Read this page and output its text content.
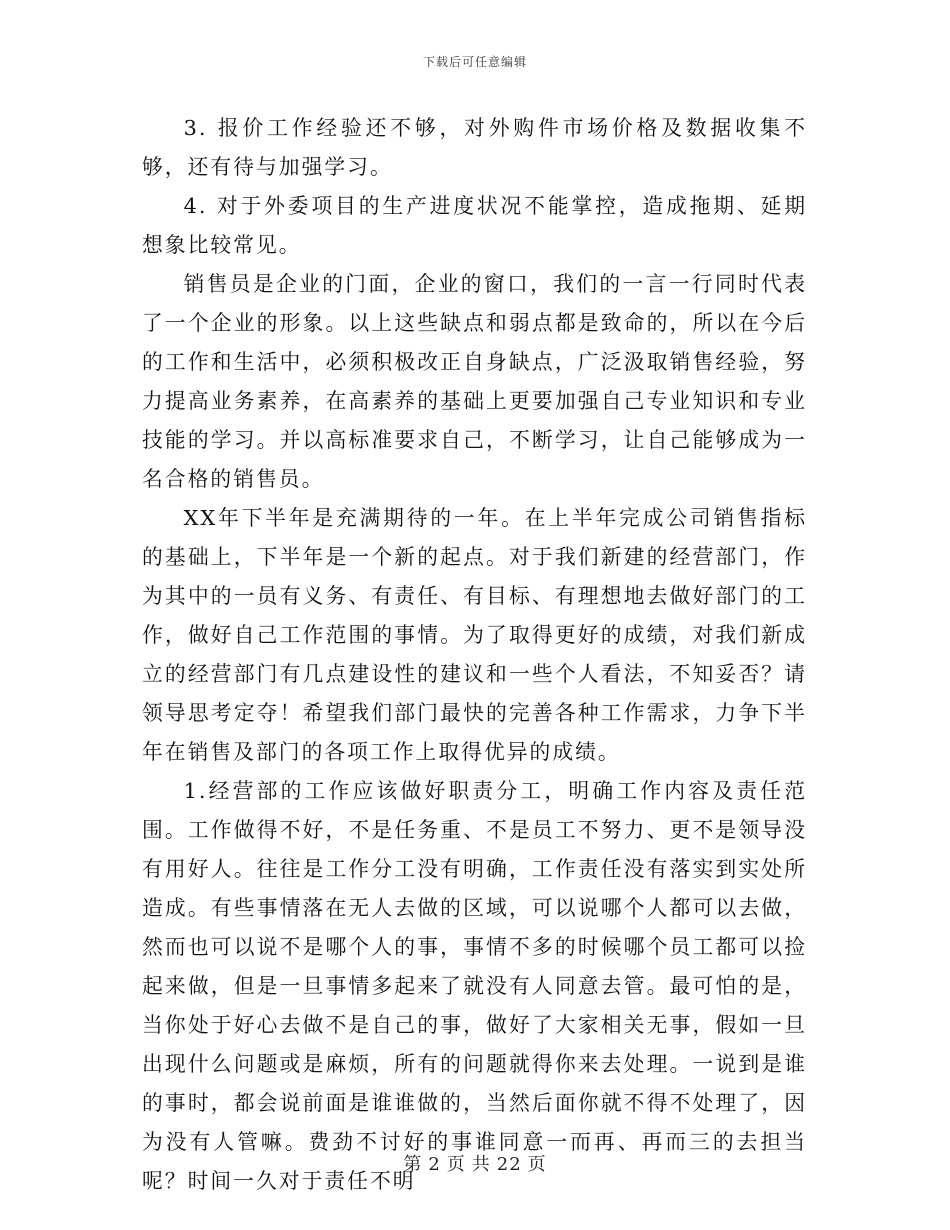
下载后可任意编辑

3. 报价工作经验还不够，对外购件市场价格及数据收集不够，还有待与加强学习。

4. 对于外委项目的生产进度状况不能掌控，造成拖期、延期想象比较常见。

销售员是企业的门面，企业的窗口，我们的一言一行同时代表了一个企业的形象。以上这些缺点和弱点都是致命的，所以在今后的工作和生活中，必须积极改正自身缺点，广泛汲取销售经验，努力提高业务素养，在高素养的基础上更要加强自己专业知识和专业技能的学习。并以高标准要求自己，不断学习，让自己能够成为一名合格的销售员。

XX年下半年是充满期待的一年。在上半年完成公司销售指标的基础上，下半年是一个新的起点。对于我们新建的经营部门，作为其中的一员有义务、有责任、有目标、有理想地去做好部门的工作，做好自己工作范围的事情。为了取得更好的成绩，对我们新成立的经营部门有几点建设性的建议和一些个人看法，不知妥否？请领导思考定夺！希望我们部门最快的完善各种工作需求，力争下半年在销售及部门的各项工作上取得优异的成绩。

1.经营部的工作应该做好职责分工，明确工作内容及责任范围。工作做得不好，不是任务重、不是员工不努力、更不是领导没有用好人。往往是工作分工没有明确，工作责任没有落实到实处所造成。有些事情落在无人去做的区域，可以说哪个人都可以去做，然而也可以说不是哪个人的事，事情不多的时候哪个员工都可以捡起来做，但是一旦事情多起来了就没有人同意去管。最可怕的是，当你处于好心去做不是自己的事，做好了大家相关无事，假如一旦出现什么问题或是麻烦，所有的问题就得你来去处理。一说到是谁的事时，都会说前面是谁谁做的，当然后面你就不得不处理了，因为没有人管嘛。费劲不讨好的事谁同意一而再、再而三的去担当呢？时间一久对于责任不明

第 2 页 共 22 页
